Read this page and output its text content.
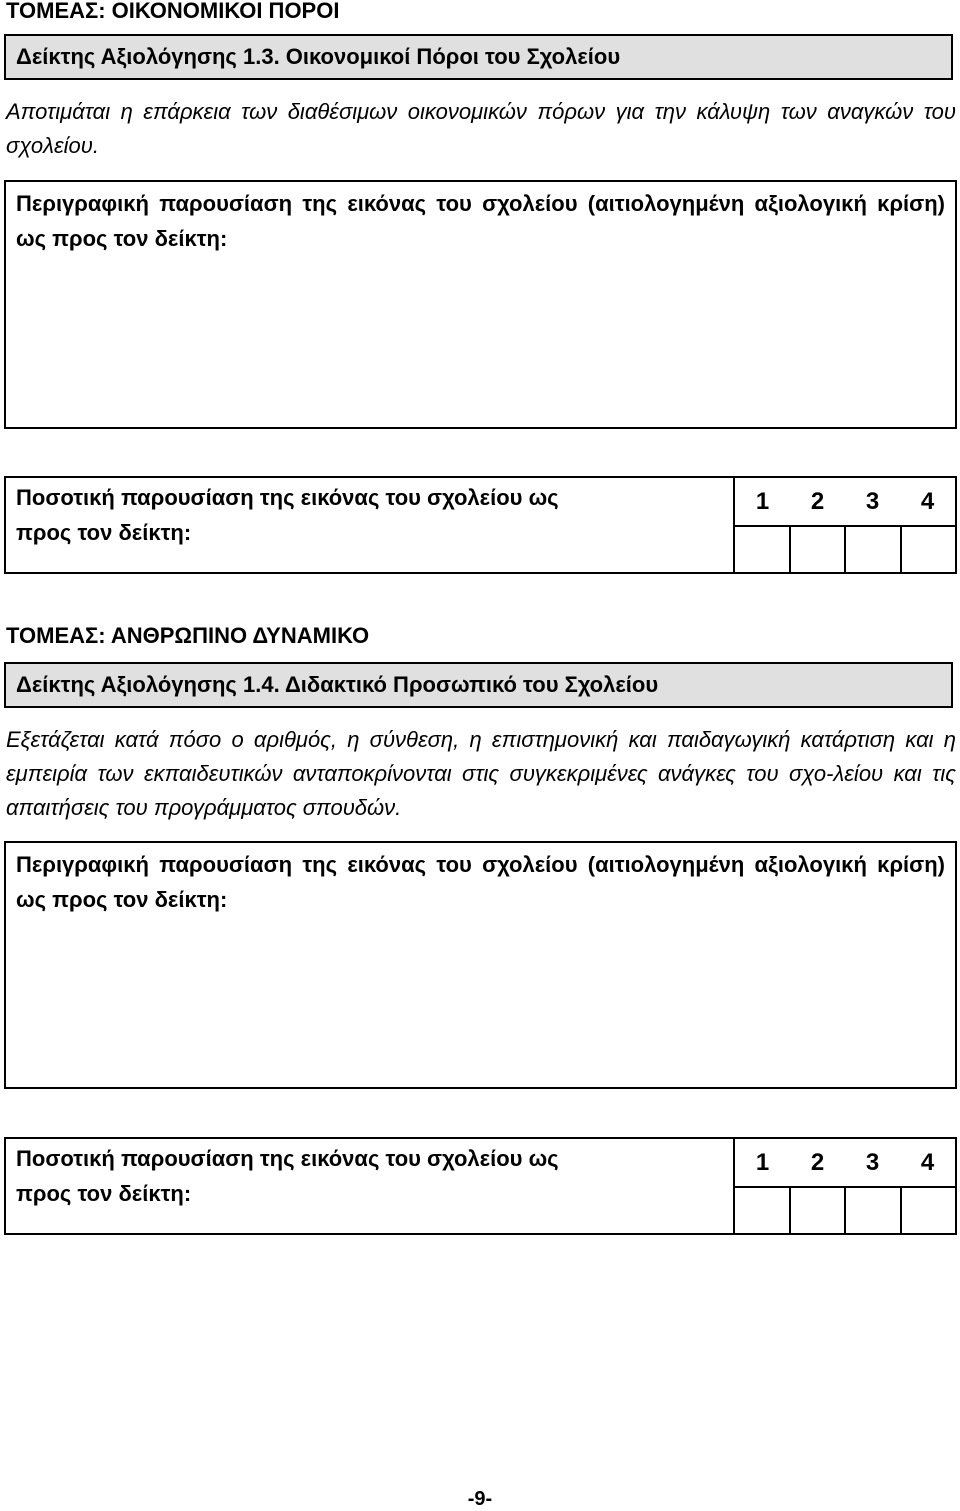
ΤΟΜΕΑΣ: ΟΙΚΟΝΟΜΙΚΟΙ ΠΟΡΟΙ
Δείκτης Αξιολόγησης 1.3. Οικονομικοί Πόροι του Σχολείου
Αποτιμάται η επάρκεια των διαθέσιμων οικονομικών πόρων για την κάλυψη των αναγκών του σχολείου.
Περιγραφική παρουσίαση της εικόνας του σχολείου (αιτιολογημένη αξιολογική κρίση) ως προς τον δείκτη:
Ποσοτική παρουσίαση της εικόνας του σχολείου ως προς τον δείκτη:
1	2	3	4
ΤΟΜΕΑΣ: ΑΝΘΡΩΠΙΝΟ ΔΥΝΑΜΙΚΟ
Δείκτης Αξιολόγησης 1.4. Διδακτικό Προσωπικό του Σχολείου
Εξετάζεται κατά πόσο ο αριθμός, η σύνθεση, η επιστημονική και παιδαγωγική κατάρτιση και η εμπειρία των εκπαιδευτικών ανταποκρίνονται στις συγκεκριμένες ανάγκες του σχο-λείου και τις απαιτήσεις του προγράμματος σπουδών.
Περιγραφική παρουσίαση της εικόνας του σχολείου (αιτιολογημένη αξιολογική κρίση) ως προς τον δείκτη:
Ποσοτική παρουσίαση της εικόνας του σχολείου ως προς τον δείκτη:
1	2	3	4
-9-
